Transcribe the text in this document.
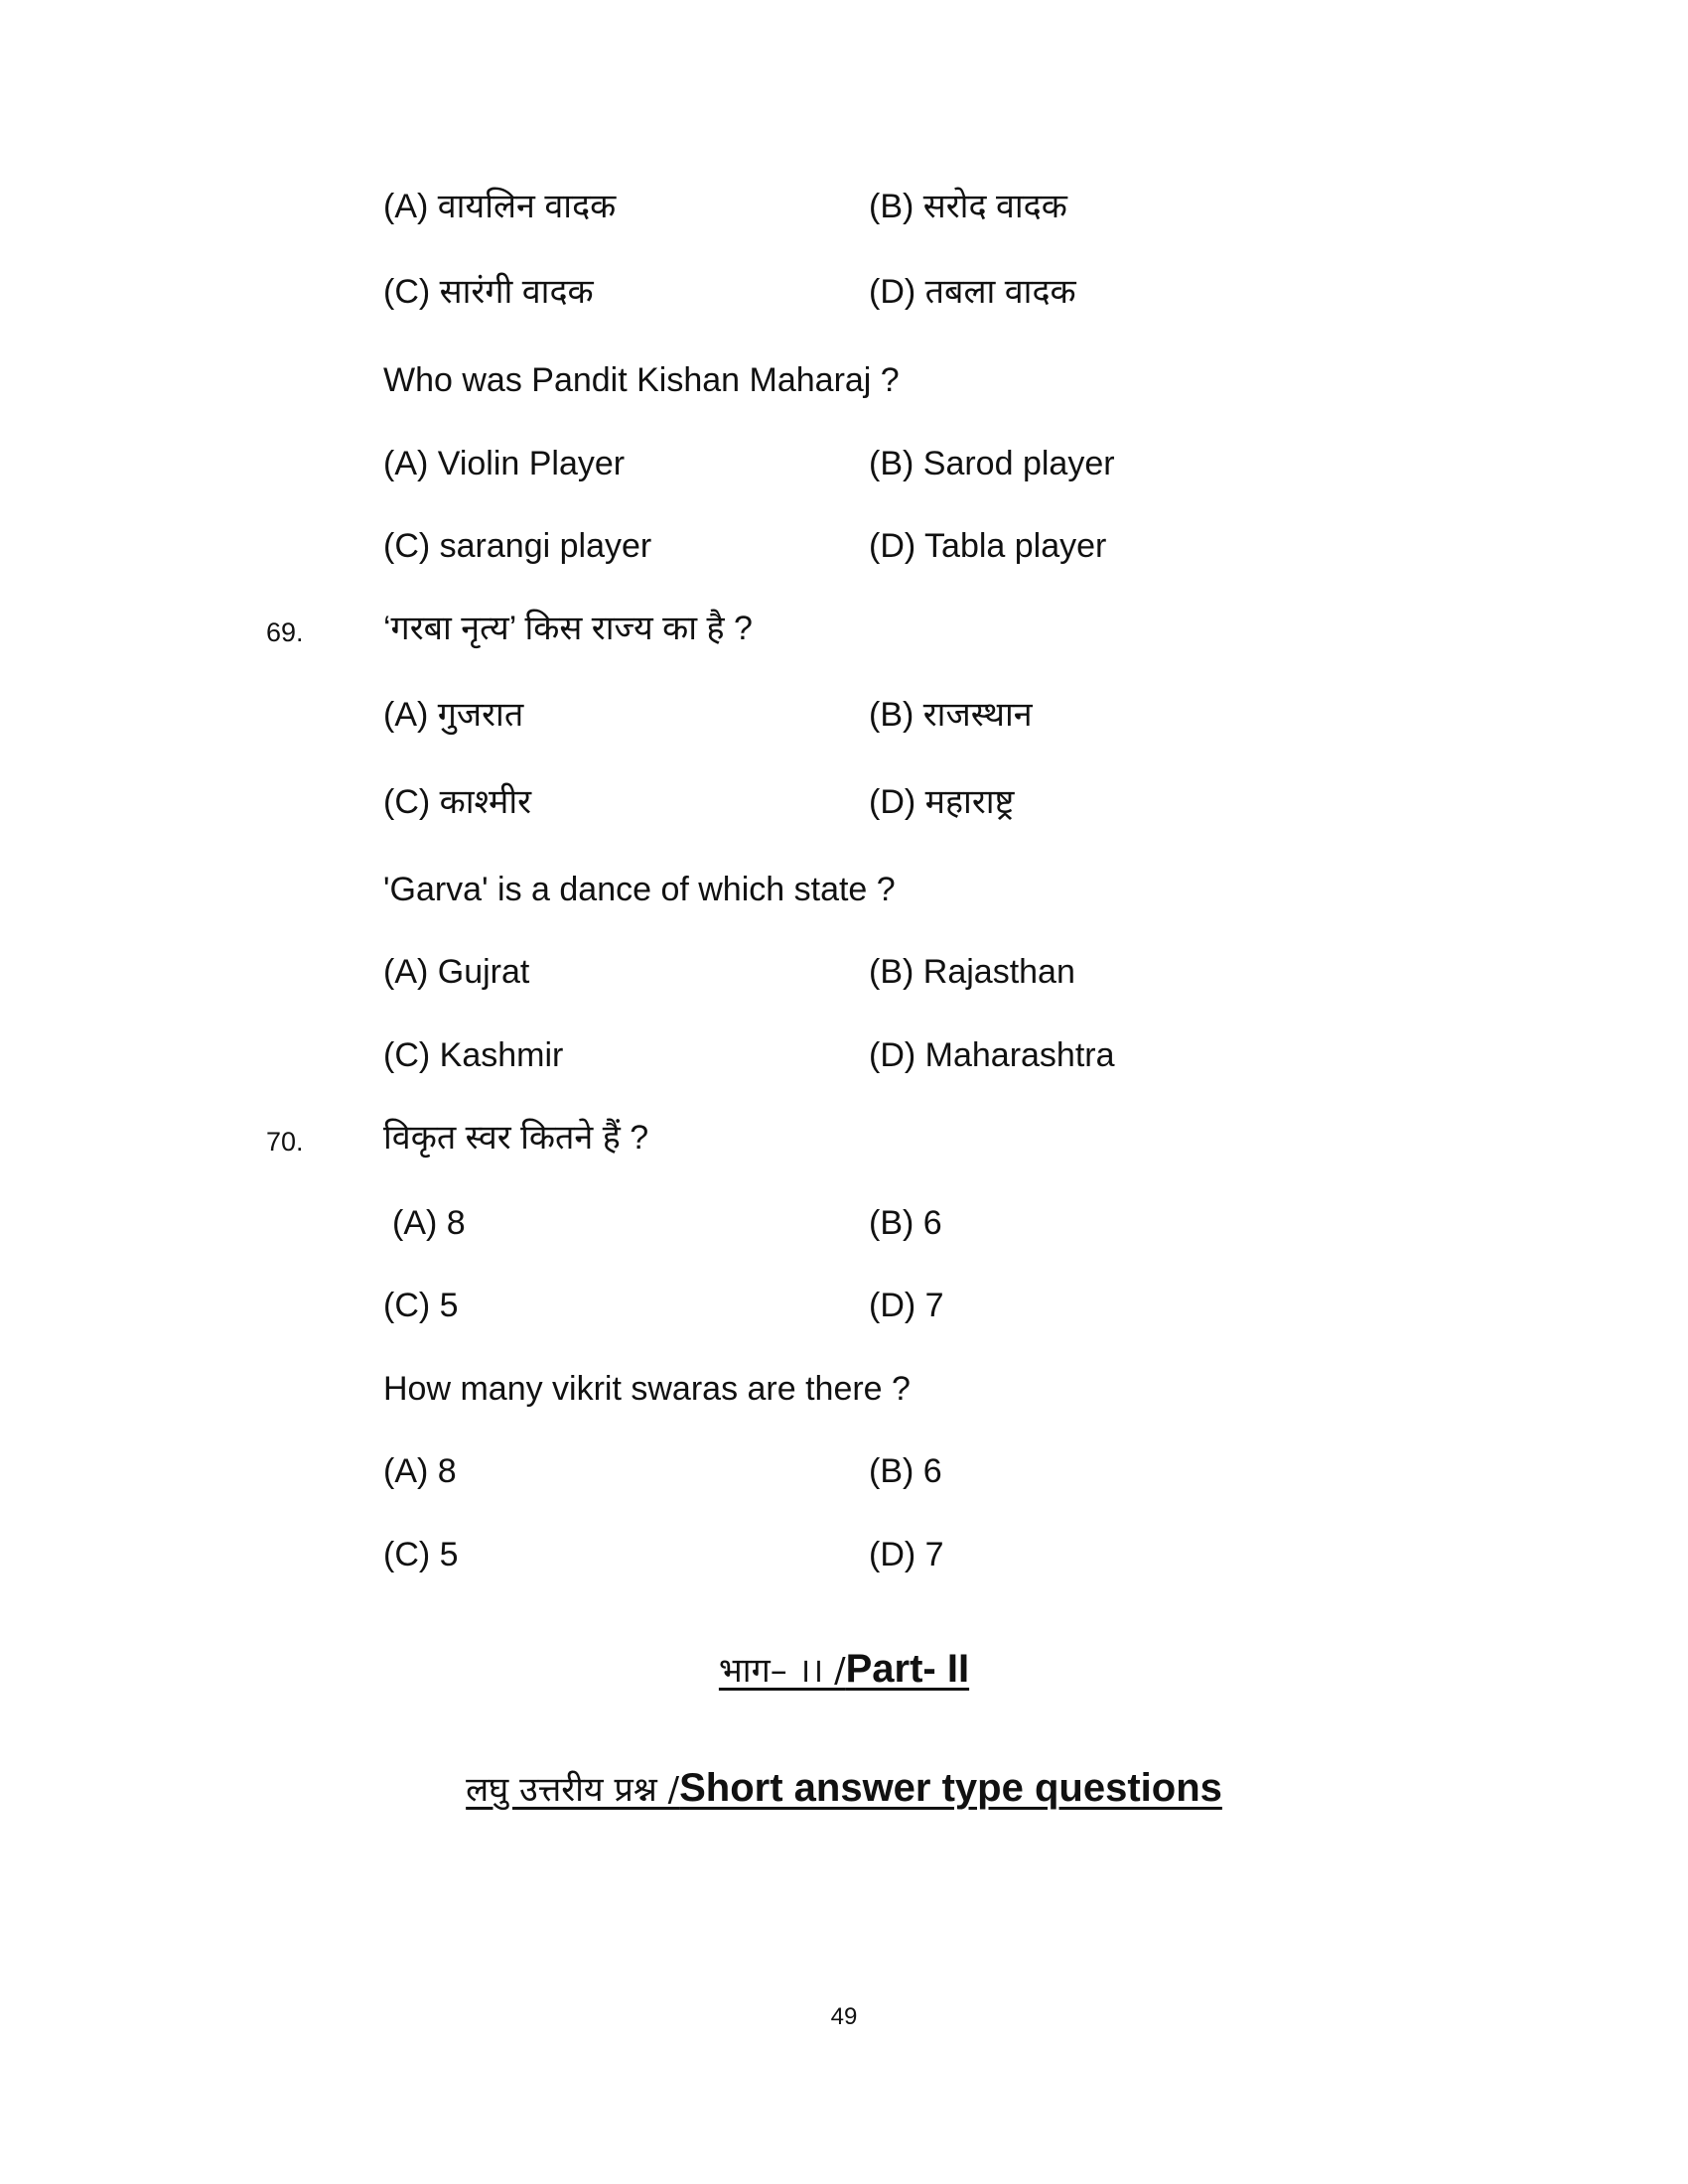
(A) वायलिन वादक	(B) सरोद वादक
(C) सारंगी वादक	(D) तबला वादक
Who was Pandit Kishan Maharaj ?
(A) Violin Player	(B) Sarod player
(C) sarangi player	(D) Tabla player
69. ‘गरबा नृत्य’ किस राज्य का है ?
(A) गुजरात	(B) राजस्थान
(C) काश्मीर	(D) महाराष्ट्र
'Garva' is a dance of which state ?
(A) Gujrat	(B) Rajasthan
(C) Kashmir	(D) Maharashtra
70. विकृत स्वर कितने हैं ?
(A) 8	(B) 6
(C) 5	(D) 7
How many vikrit swaras are there ?
(A) 8	(B) 6
(C) 5	(D) 7
भाग– ।। /Part- II
लघु उत्तरीय प्रश्न /Short answer type questions
49
